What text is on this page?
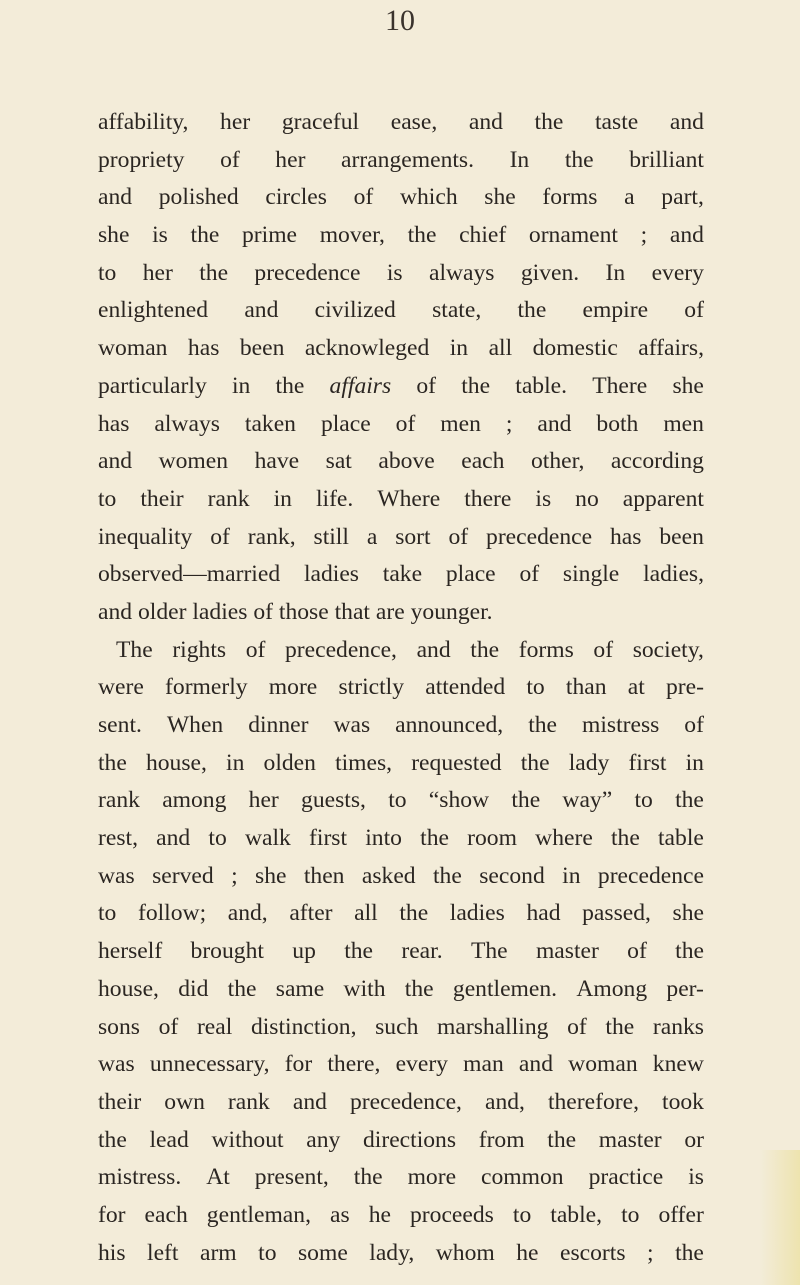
10
affability, her graceful ease, and the taste and
propriety of her arrangements. In the brilliant
and polished circles of which she forms a part,
she is the prime mover, the chief ornament ; and
to her the precedence is always given. In every
enlightened and civilized state, the empire of
woman has been acknowleged in all domestic affairs,
particularly in the affairs of the table. There she
has always taken place of men ; and both men
and women have sat above each other, according
to their rank in life. Where there is no apparent
inequality of rank, still a sort of precedence has been
observed—married ladies take place of single ladies,
and
older
ladies
of
those
that
are
younger.
The rights of precedence, and the forms of society,
were formerly more strictly attended to than at pre-
sent. When dinner was announced, the mistress of
the house, in olden times, requested the lady first in
rank among her guests, to “show the way” to the
rest, and to walk first into the room where the table
was served ; she then asked the second in precedence
to follow; and, after all the ladies had passed, she
herself brought up the rear. The master of the
house, did the same with the gentlemen. Among per-
sons of real distinction, such marshalling of the ranks
was unnecessary, for there, every man and woman knew
their own rank and precedence, and, therefore, took
the lead without any directions from the master or
mistress. At present, the more common practice is
for each gentleman, as he proceeds to table, to offer
his left arm to some lady, whom he escorts ; the
